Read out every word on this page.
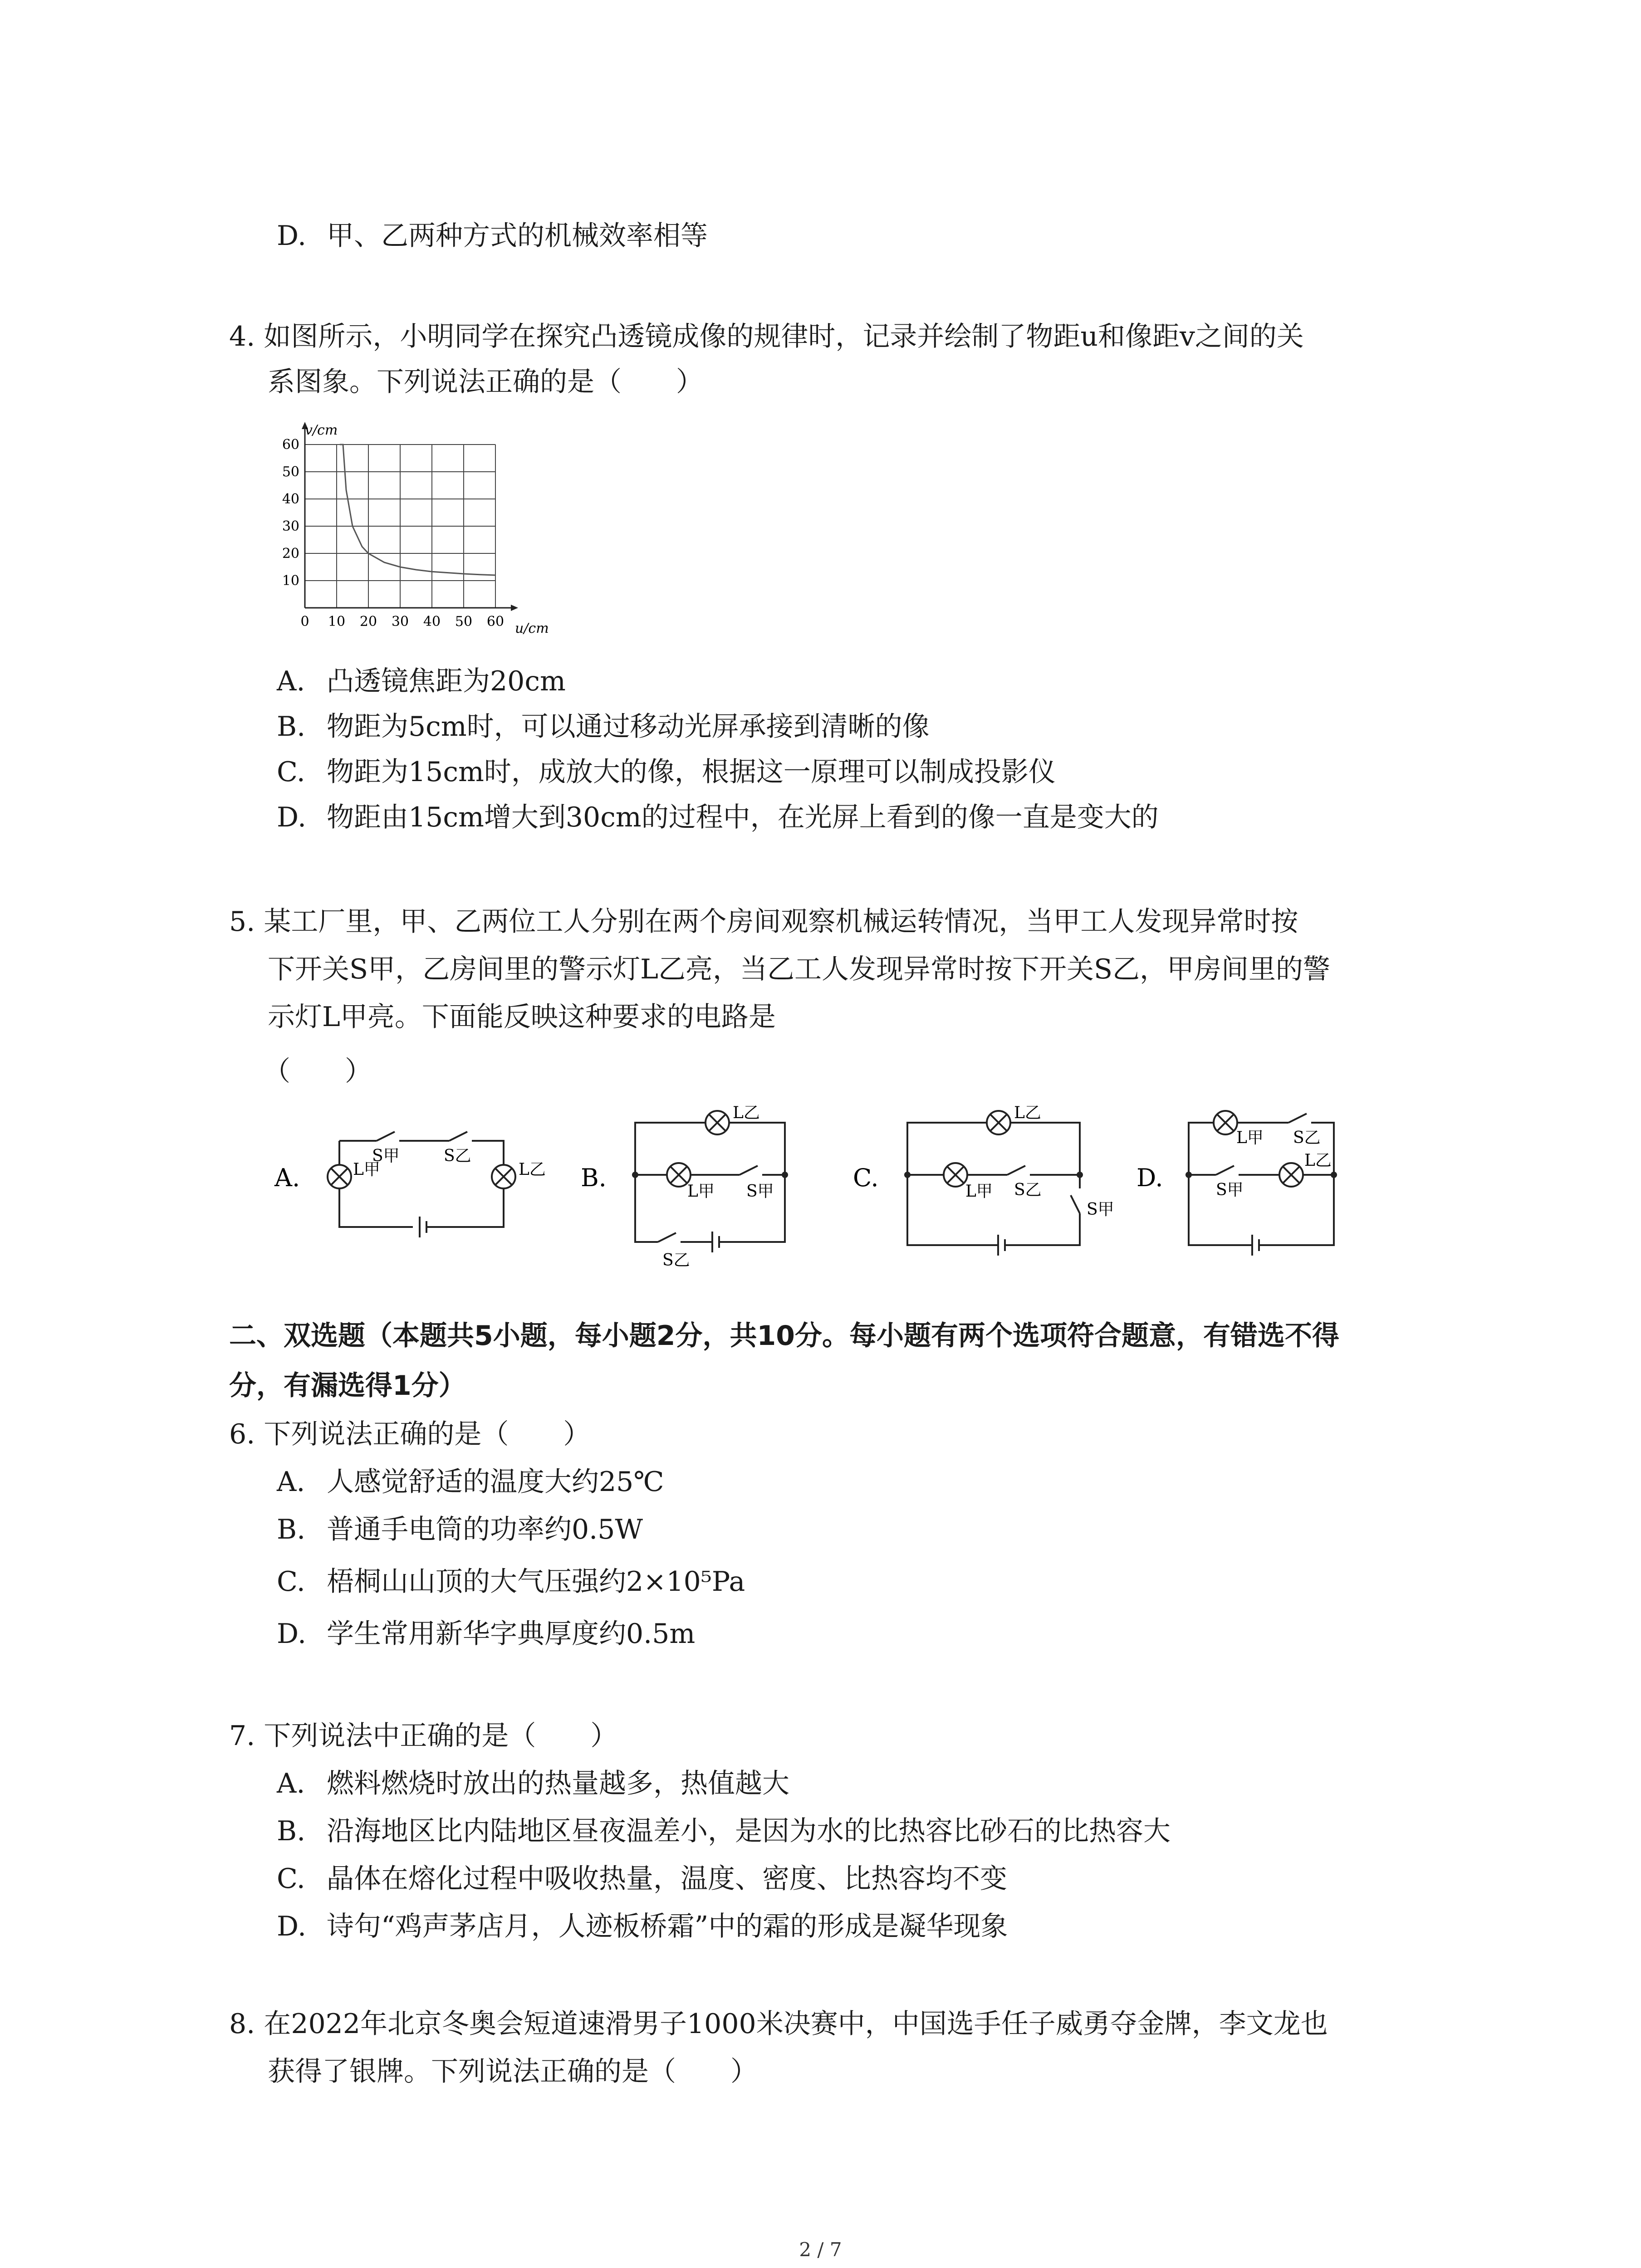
D. 甲、乙两种方式的机械效率相等
4. 如图所示，小明同学在探究凸透镜成像的规律时，记录并绘制了物距u和像距v之间的关
系图象。下列说法正确的是（　　）
0 10 20 30 40 50 60
10
20
30
40
50
60
v/cm
u/cm
A. 凸透镜焦距为20cm
B. 物距为5cm时，可以通过移动光屏承接到清晰的像
C. 物距为15cm时，成放大的像，根据这一原理可以制成投影仪
D. 物距由15cm增大到30cm的过程中，在光屏上看到的像一直是变大的
5. 某工厂里，甲、乙两位工人分别在两个房间观察机械运转情况，当甲工人发现异常时按
下开关S甲，乙房间里的警示灯L乙亮，当乙工人发现异常时按下开关S乙，甲房间里的警
示灯L甲亮。下面能反映这种要求的电路是
（　　）
A.	B.	C.	D.
S甲	S乙
L甲	L乙
L乙
L甲 S甲
S乙
L乙
L甲 S乙
S甲
L甲 S乙
S甲
L乙
二、双选题（本题共5小题，每小题2分，共10分。每小题有两个选项符合题意，有错选不得
分，有漏选得1分）
6. 下列说法正确的是（　　）
A. 人感觉舒适的温度大约25℃
B. 普通手电筒的功率约0.5W
C. 梧桐山山顶的大气压强约2×10⁵Pa
D. 学生常用新华字典厚度约0.5m
7. 下列说法中正确的是（　　）
A. 燃料燃烧时放出的热量越多，热值越大
B. 沿海地区比内陆地区昼夜温差小，是因为水的比热容比砂石的比热容大
C. 晶体在熔化过程中吸收热量，温度、密度、比热容均不变
D. 诗句“鸡声茅店月，人迹板桥霜”中的霜的形成是凝华现象
8. 在2022年北京冬奥会短道速滑男子1000米决赛中，中国选手任子威勇夺金牌，李文龙也
获得了银牌。下列说法正确的是（　　）
2 / 7
